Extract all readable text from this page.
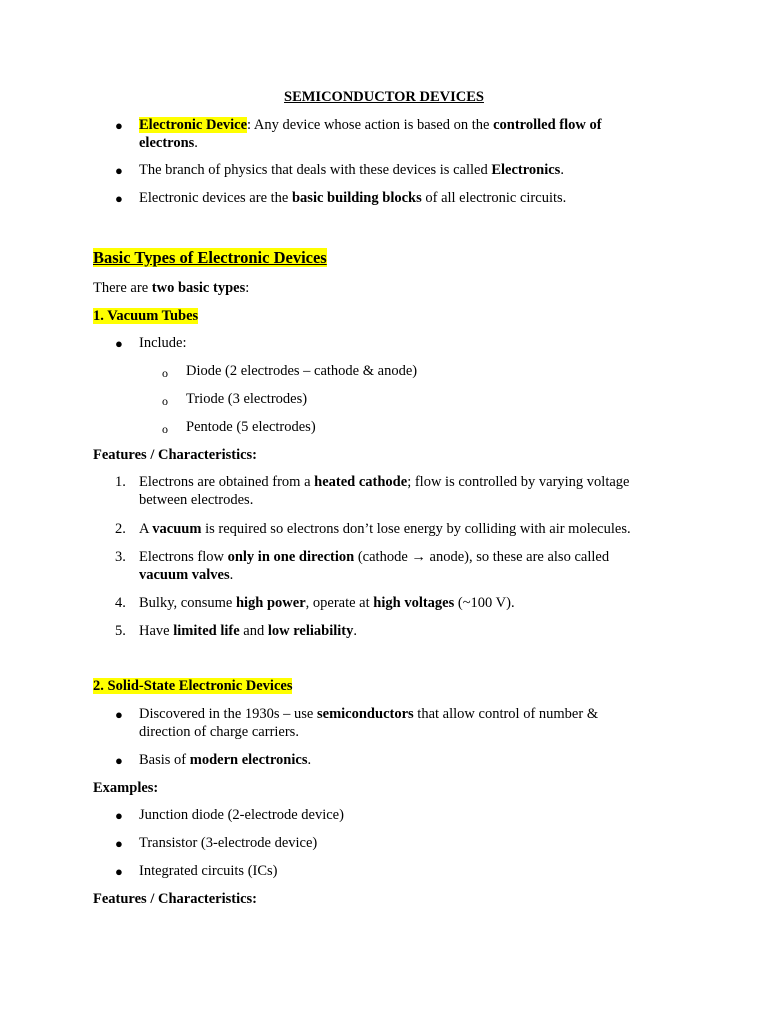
SEMICONDUCTOR DEVICES
● Electronic Device: Any device whose action is based on the controlled flow of
electrons.
● The branch of physics that deals with these devices is called Electronics.
● Electronic devices are the basic building blocks of all electronic circuits.
Basic Types of Electronic Devices
There are two basic types:
1. Vacuum Tubes
● Include:
o Diode (2 electrodes – cathode & anode)
o Triode (3 electrodes)
o Pentode (5 electrodes)
Features / Characteristics:
1. Electrons are obtained from a heated cathode; flow is controlled by varying voltage
between electrodes.
2. A vacuum is required so electrons don’t lose energy by colliding with air molecules.
3. Electrons flow only in one direction (cathode → anode), so these are also called
vacuum valves.
4. Bulky, consume high power, operate at high voltages (~100 V).
5. Have limited life and low reliability.
2. Solid-State Electronic Devices
● Discovered in the 1930s – use semiconductors that allow control of number &
direction of charge carriers.
● Basis of modern electronics.
Examples:
● Junction diode (2-electrode device)
● Transistor (3-electrode device)
● Integrated circuits (ICs)
Features / Characteristics:
